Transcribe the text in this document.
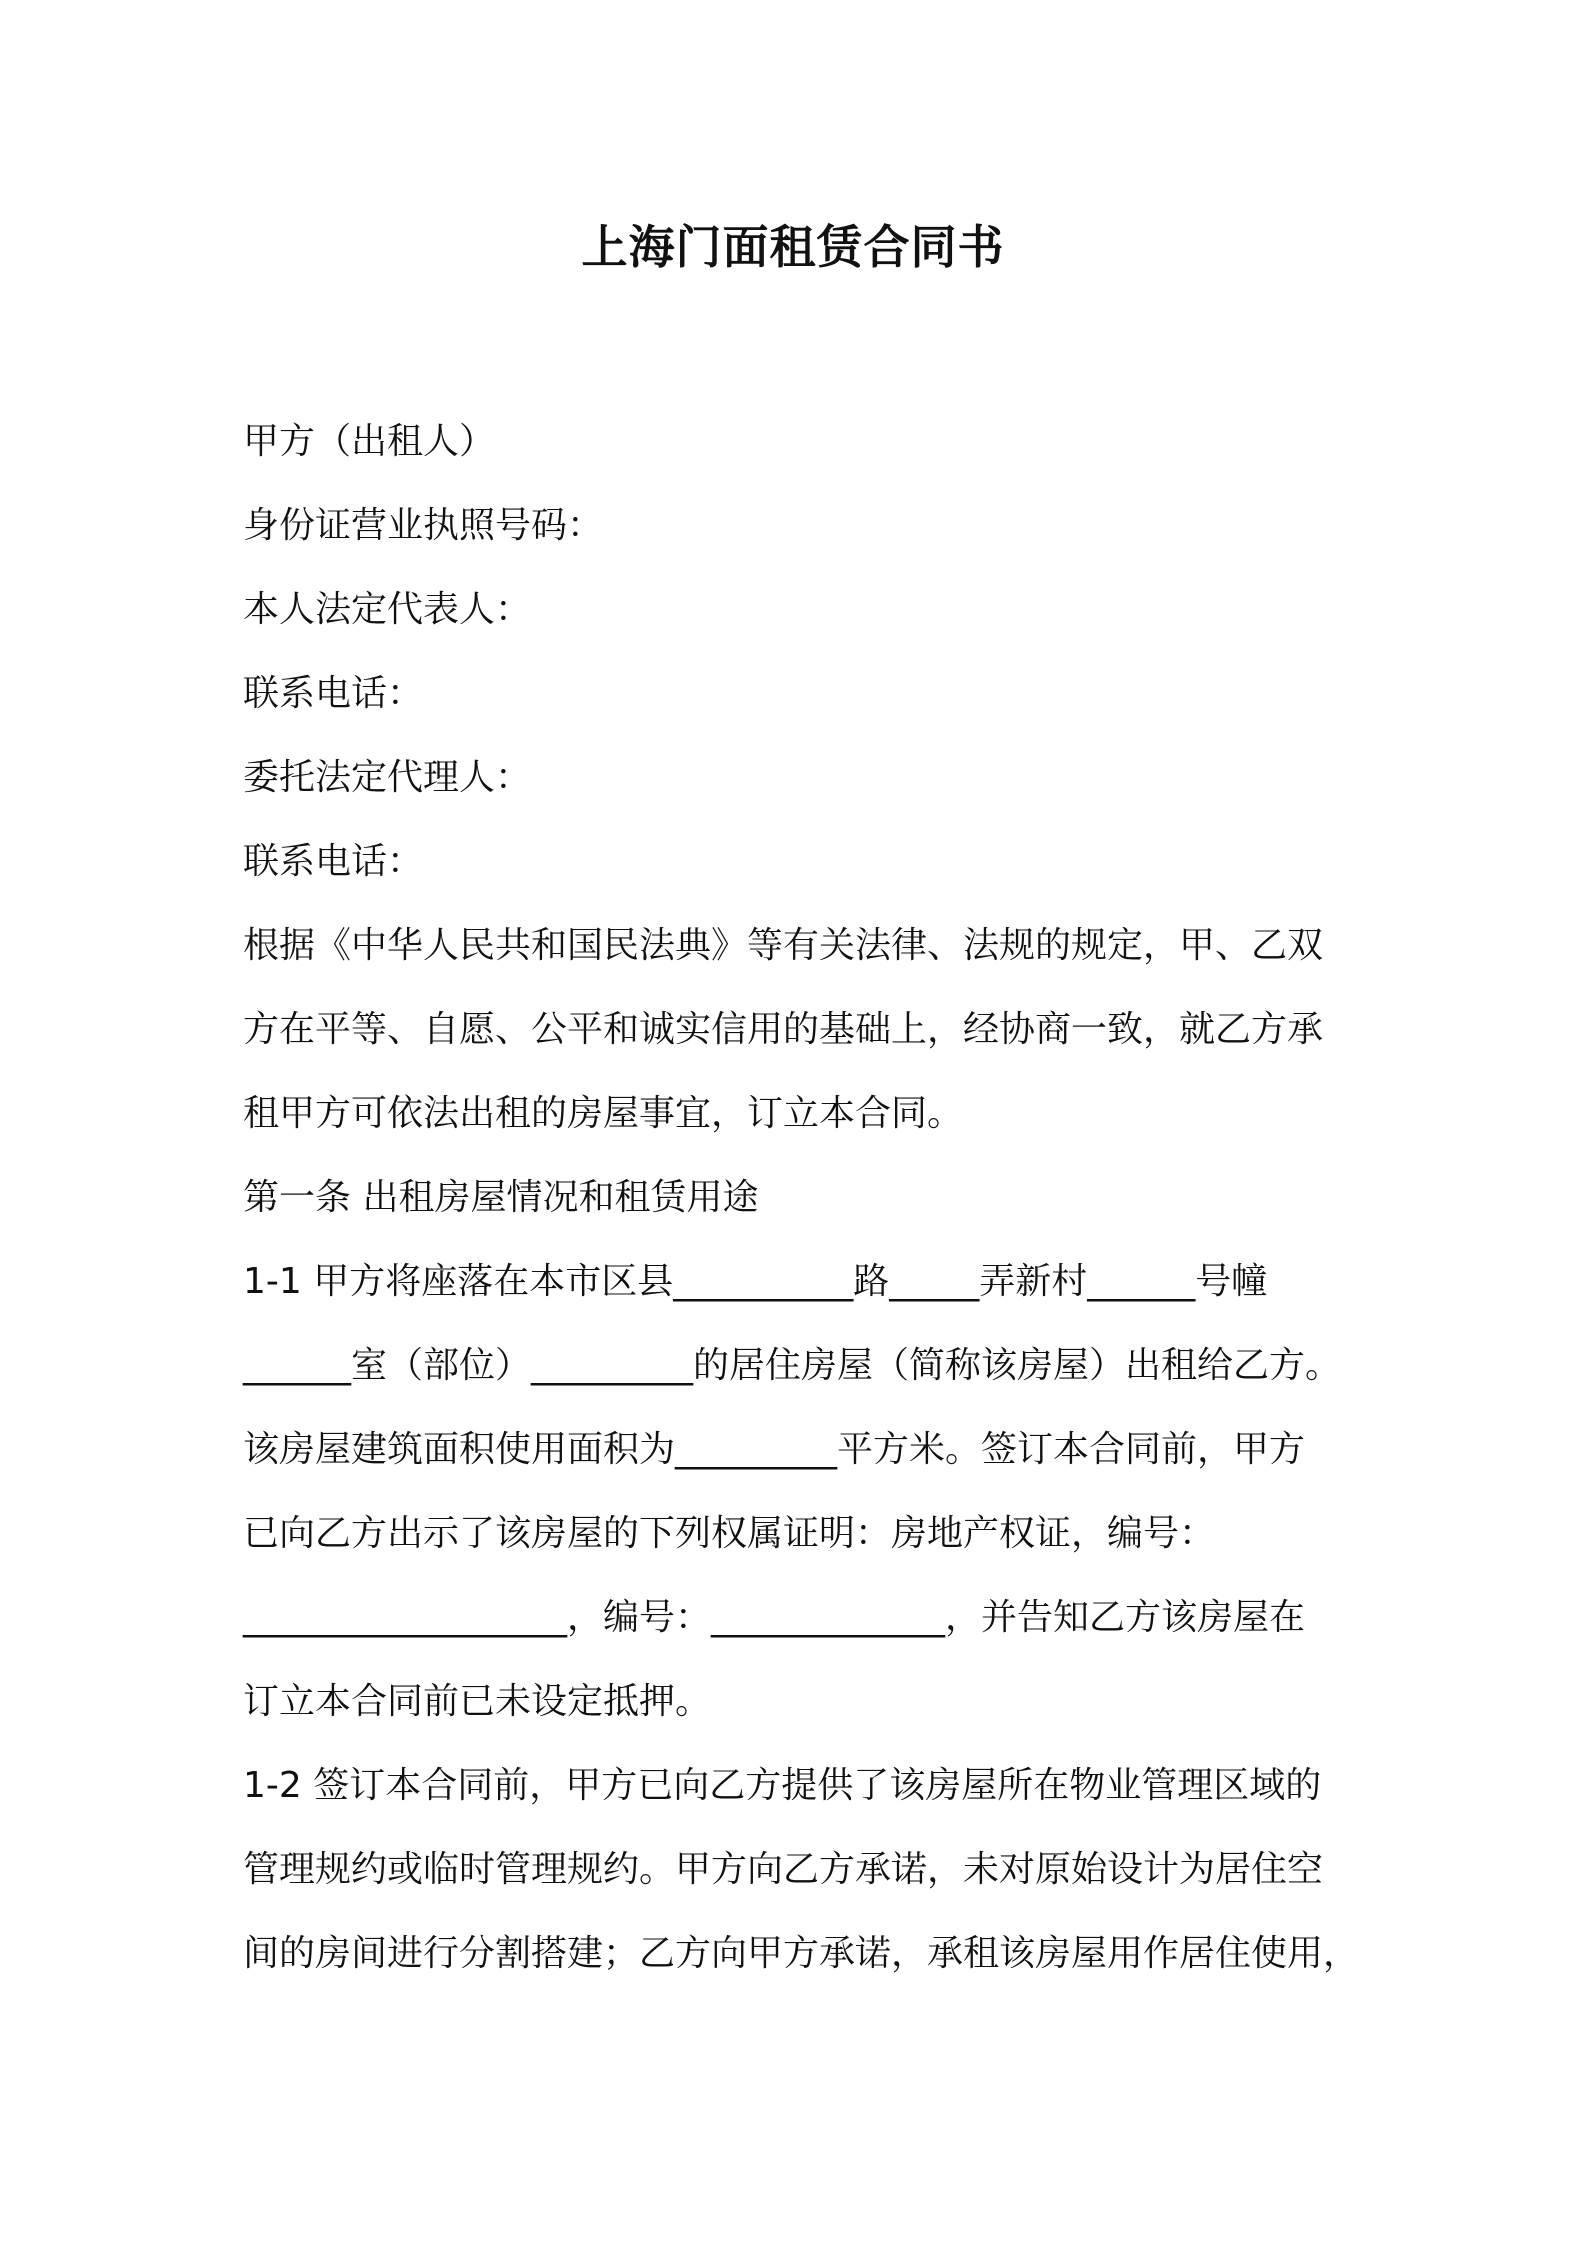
上海门面租赁合同书
甲方（出租人）
身份证营业执照号码：
本人法定代表人：
联系电话：
委托法定代理人：
联系电话：
根据《中华人民共和国民法典》等有关法律、法规的规定，甲、乙双
方在平等、自愿、公平和诚实信用的基础上，经协商一致，就乙方承
租甲方可依法出租的房屋事宜，订立本合同。
第一条 出租房屋情况和租赁用途
1-1 甲方将座落在本市区县__________路_____弄新村______号幢
______室（部位）_________的居住房屋（简称该房屋）出租给乙方。
该房屋建筑面积使用面积为_________平方米。签订本合同前，甲方
已向乙方出示了该房屋的下列权属证明：房地产权证，编号：
__________________，编号：_____________，并告知乙方该房屋在
订立本合同前已未设定抵押。
1-2 签订本合同前，甲方已向乙方提供了该房屋所在物业管理区域的
管理规约或临时管理规约。甲方向乙方承诺，未对原始设计为居住空
间的房间进行分割搭建；乙方向甲方承诺，承租该房屋用作居住使用，
